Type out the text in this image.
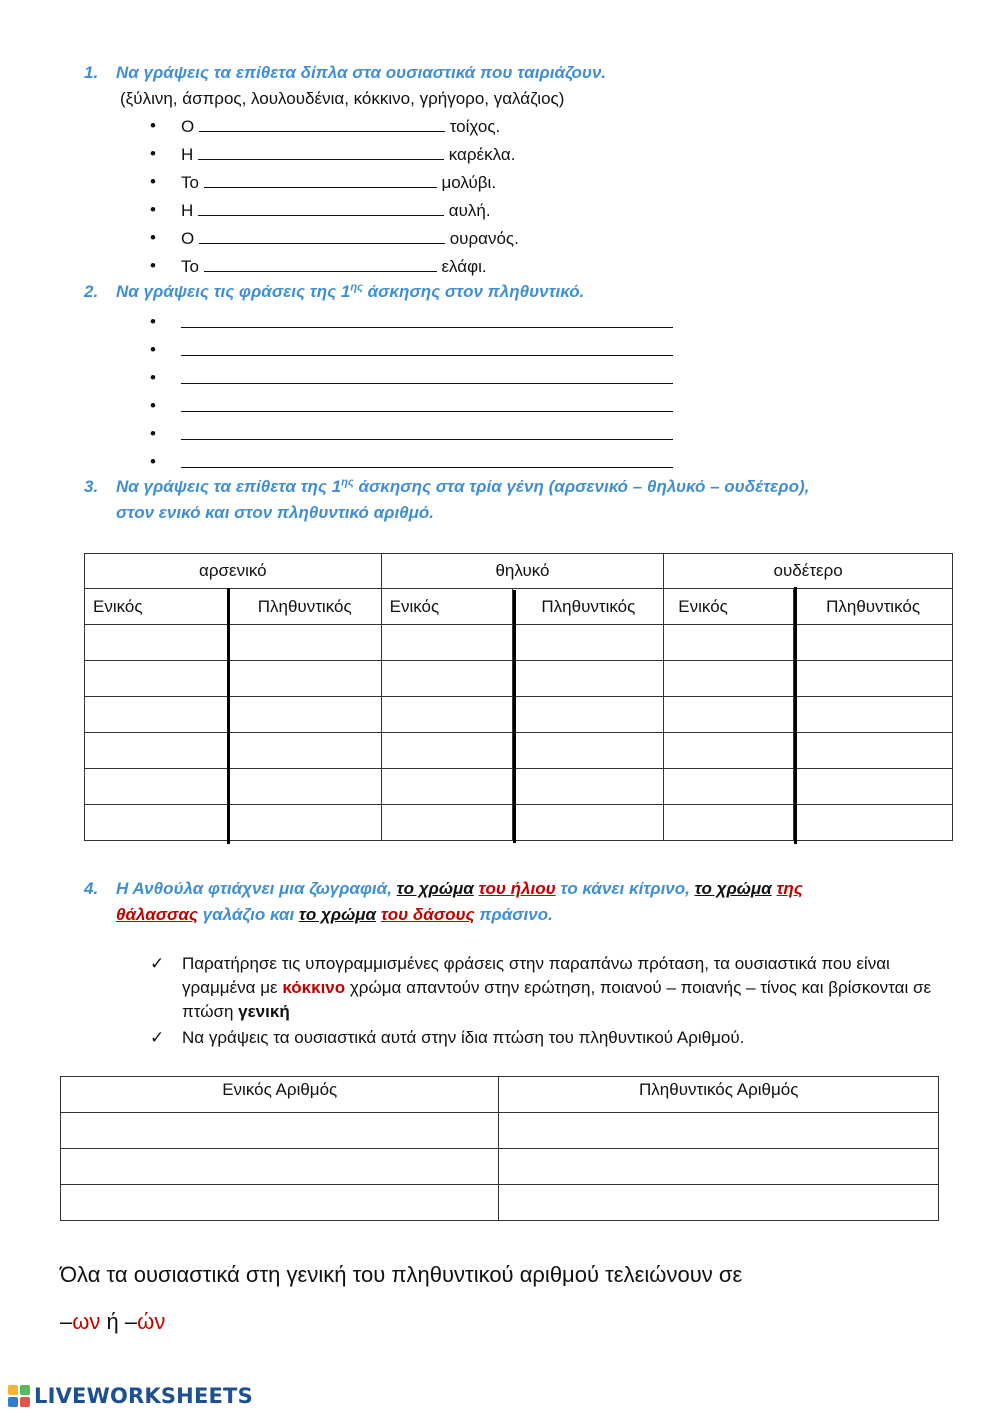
1. Να γράψεις τα επίθετα δίπλα στα ουσιαστικά που ταιριάζουν.
(ξύλινη, άσπρος, λουλουδένια, κόκκινο, γρήγορο, γαλάζιος)
• Ο	τοίχος.
• Η	καρέκλα.
• Το	μολύβι.
• Η	αυλή.
• Ο	ουρανός.
• Το	ελάφι.
2. Να γράψεις τις φράσεις της $1^{\eta\varsigma}$ άσκησης στον πληθυντικό.
•
•
•
•
•
•
3. Να γράψεις τα επίθετα της $1^{\eta\varsigma}$ άσκησης στα τρία γένη (αρσενικό – θηλυκό – ουδέτερο),
στον ενικό και στον πληθυντικό αριθμό.
αρσενικό		θηλυκό		ουδέτερο	
Ενικός	Πληθυντικός	Ενικός	Πληθυντικός	Ενικός	Πληθυντικός

4. Η Ανθούλα φτιάχνει μια ζωγραφιά, το χρώμα του ήλιου το κάνει κίτρινο, το χρώμα της
θάλασσας γαλάζιο και το χρώμα του δάσους πράσινο.
✓ Παρατήρησε τις υπογραμμισμένες φράσεις στην παραπάνω πρόταση, τα ουσιαστικά που είναι γραμμένα με κόκκινο χρώμα απαντούν στην ερώτηση, ποιανού – ποιανής – τίνος και βρίσκονται σε πτώση γενική
✓ Να γράψεις τα ουσιαστικά αυτά στην ίδια πτώση του πληθυντικού Αριθμού.
Ενικός Αριθμός	Πληθυντικός Αριθμός

Όλα τα ουσιαστικά στη γενική του πληθυντικού αριθμού τελειώνουν σε
–ων ή –ών
LIVEWORKSHEETS
